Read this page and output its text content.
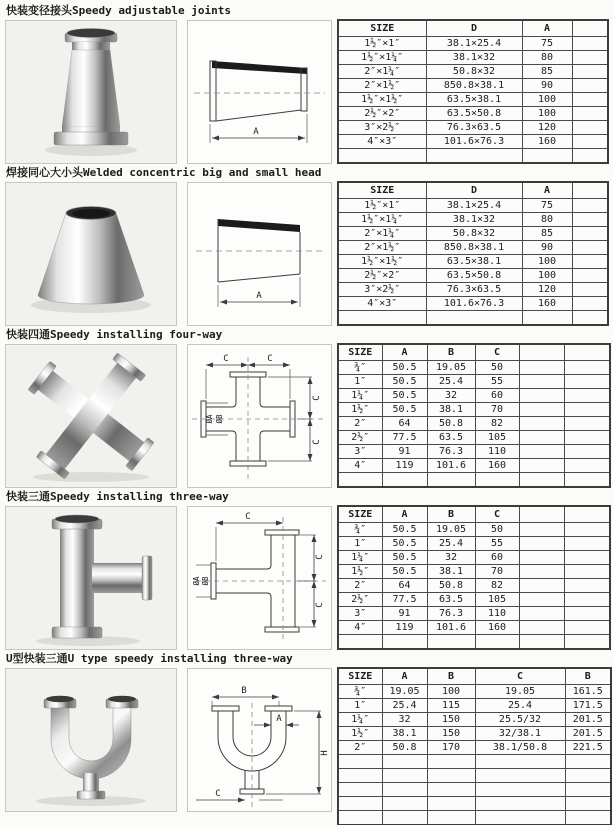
快装变径接头Speedy adjustable joints
A
SIZE	D	A	
1½″×1″	38.1×25.4	75	
1½″×1¼″	38.1×32	80	
2″×1¼″	50.8×32	85	
2″×1½″	850.8×38.1	90	
1½″×1½″	63.5×38.1	100	
2½″×2″	63.5×50.8	100	
3″×2½″	76.3×63.5	120	
4″×3″	101.6×76.3	160	

焊接同心大小头Welded concentric big and small head
A
SIZE	D	A	
1½″×1″	38.1×25.4	75	
1½″×1¼″	38.1×32	80	
2″×1¼″	50.8×32	85	
2″×1½″	850.8×38.1	90	
1½″×1½″	63.5×38.1	100	
2½″×2″	63.5×50.8	100	
3″×2½″	76.3×63.5	120	
4″×3″	101.6×76.3	160	

快装四通Speedy installing four-way
C	C
C
C
ØA ØB
SIZE	A	B	C		
¾″	50.5	19.05	50		
1″	50.5	25.4	55		
1¼″	50.5	32	60		
1½″	50.5	38.1	70		
2″	64	50.8	82		
2½″	77.5	63.5	105		
3″	91	76.3	110		
4″	119	101.6	160		

快装三通Speedy installing three-way
C
C
C
ØA ØB
SIZE	A	B	C		
¾″	50.5	19.05	50		
1″	50.5	25.4	55		
1¼″	50.5	32	60		
1½″	50.5	38.1	70		
2″	64	50.8	82		
2½″	77.5	63.5	105		
3″	91	76.3	110		
4″	119	101.6	160		

U型快装三通U type speedy installing three-way
B
A
H
C
SIZE	A	B	C	B
¾″	19.05	100	19.05	161.5
1″	25.4	115	25.4	171.5
1¼″	32	150	25.5/32	201.5
1½″	38.1	150	32/38.1	201.5
2″	50.8	170	38.1/50.8	221.5
